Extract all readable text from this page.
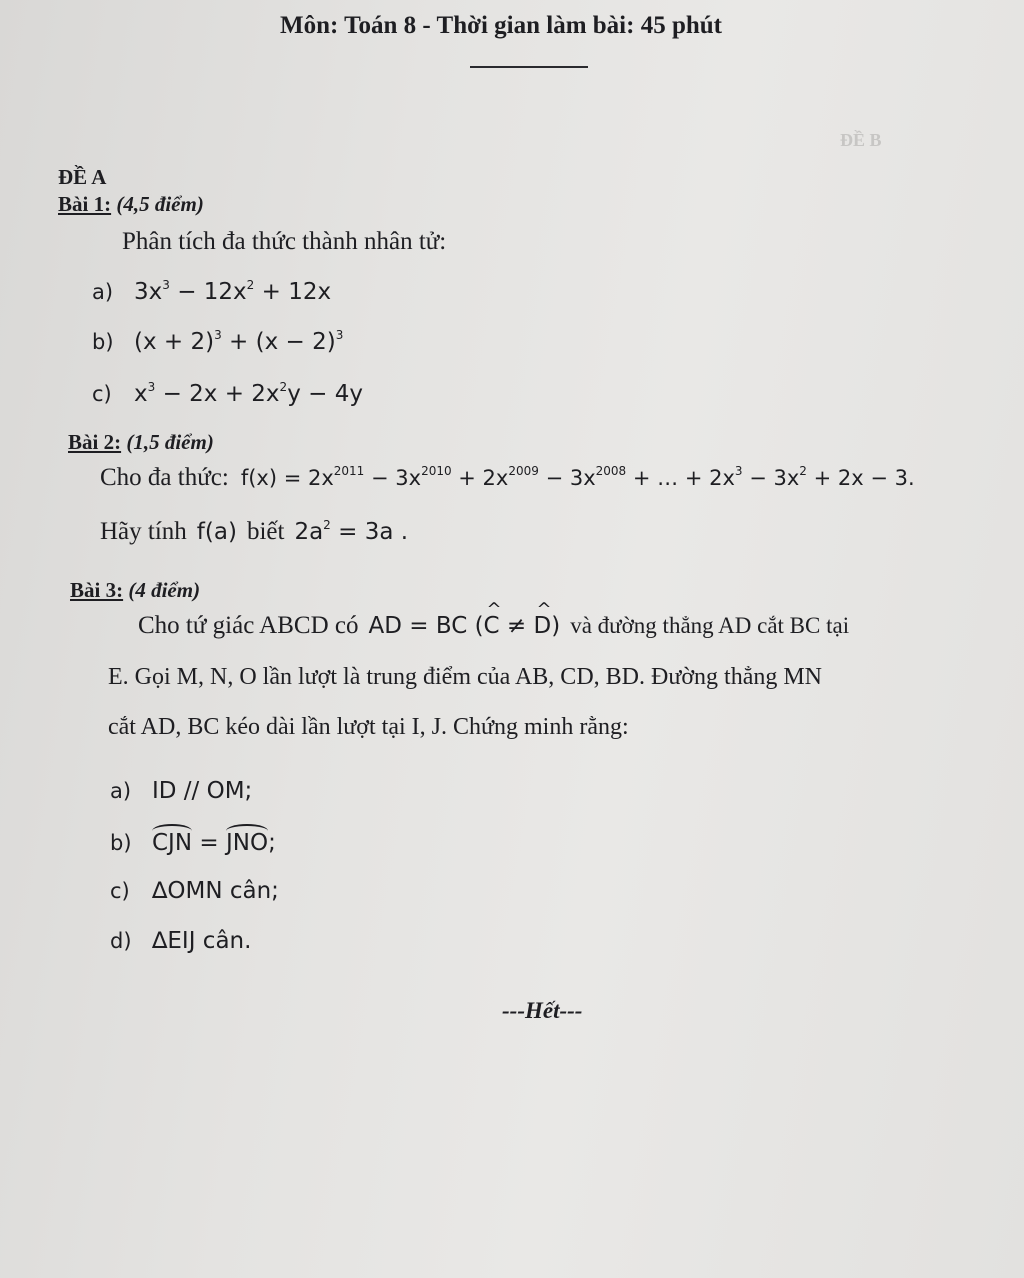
Môn: Toán 8 - Thời gian làm bài: 45 phút
ĐỀ B
ĐỀ A
Bài 1: (4,5 điểm)
Phân tích đa thức thành nhân tử:
a) $3x^3 - 12x^2 + 12x$
b) $(x + 2)^3 + (x - 2)^3$
c) $x^3 - 2x + 2x^2y - 4y$
Bài 2: (1,5 điểm)
Cho đa thức: $f(x) = 2x^{2011} - 3x^{2010} + 2x^{2009} - 3x^{2008}$ + … + $2x^3 - 3x^2 + 2x - 3$.
Hãy tính f(a) biết $2a^2 = 3a$ .
Bài 3: (4 điểm)
Cho tứ giác ABCD có AD = BC (^ C ≠ ^ D) và đường thẳng AD cắt BC tại
E. Gọi M, N, O lần lượt là trung điểm của AB, CD, BD. Đường thẳng MN
cắt AD, BC kéo dài lần lượt tại I, J. Chứng minh rằng:
a) ID // OM;
b) CJN = JNO;
c) ∆OMN cân;
d) ∆EIJ cân.
---Hết---
